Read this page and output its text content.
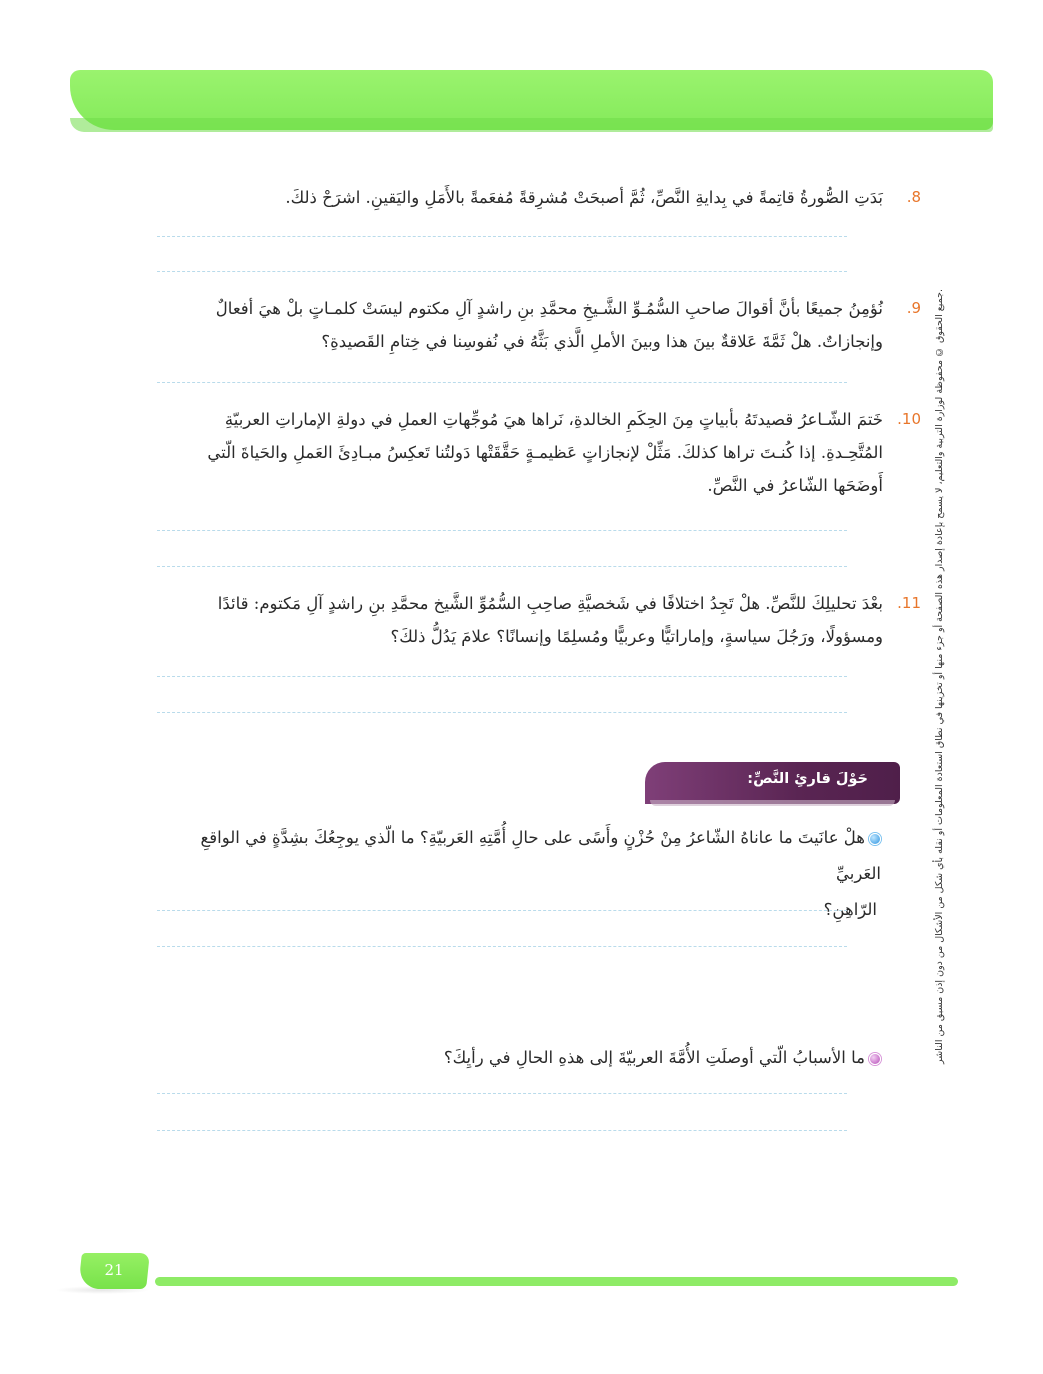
جميع الحقوق © محفوظة لوزارة التربية والتعليم، لا يسمح بإعادة إصدار هذه الصفحة أو جزء منها أو تخزينها في نطاق استعادة المعلومات أو نقله بأي شكل من الأشكال من دون إذن مسبق من الناشر.
.8
بَدَتِ الصُّورةُ قاتِمةً في بِدايةِ النَّصِّ، ثُمَّ أصبحَتْ مُشرِقةً مُفعَمةً بالأَمَلِ واليَقينِ. اشرَحْ ذلكَ.
.9
نُؤمِنُ جميعًا بأنَّ أقوالَ صاحبِ السُّمُـوِّ الشَّـيخِ محمَّدِ بنِ راشدٍ آلِ مكتوم ليسَتْ كلمـاتٍ بلْ هيَ أفعالٌ
وإنجازاتٌ. هلْ ثَمَّةَ عَلاقةٌ بينَ هذا وبينَ الأملِ الَّذي بَثَّهُ في نُفوسِنا في خِتامِ القَصيدةِ؟
.10
خَتمَ الشّـاعرُ قصيدتَهُ بأبياتٍ مِنَ الحِكَمِ الخالدةِ، نَراها هيَ مُوجِّهاتِ العملِ في دولةِ الإماراتِ العربيّةِ
المُتَّحِـدةِ. إذا كُنـتَ تراها كذلكَ. مَثِّلْ لإنجازاتٍ عَظيمـةٍ حَقَّقَتْها دَولتُنا تَعكِسُ مبـادِئَ العَملِ والحَياةَ الّتي
أَوضَحَها الشّاعرُ في النَّصِّ.
.11
بعْدَ تحليلِكَ للنَّصِّ. هلْ تَجِدُ اختلافًا في شَخصيَّةِ صاحِبِ السُّمُوِّ الشَّيخ محمَّدِ بنِ راشدٍ آلِ مَكتوم: قائدًا
ومسؤولًا، ورَجُلَ سياسةٍ، وإماراتيًّا وعربيًّا ومُسلِمًا وإنسانًا؟ علامَ يَدُلُّ ذلكَ؟
حَوْلَ قارئِ النَّصِّ:
هلْ عانَيتَ ما عاناهُ الشّاعرُ مِنْ حُزْنٍ وأَسًى على حالِ أُمَّتِهِ العَربيّةِ؟ ما الّذي يوجِعُكَ بشِدَّةٍ في الواقعِ العَربيِّ
الرّاهِنِ؟
ما الأسبابُ الّتي أوصلَتِ الأُمَّةَ العربيّةَ إلى هذهِ الحالِ في رأيِكَ؟
21
